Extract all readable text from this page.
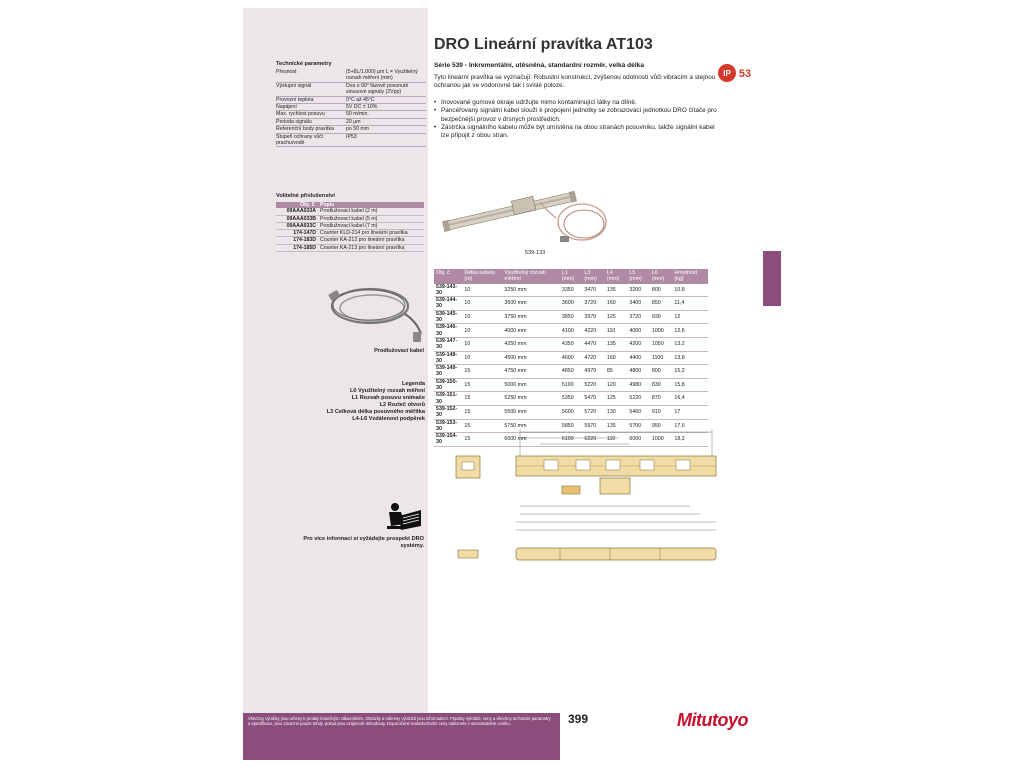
Technické parametry
Přesnost	(5+8L/1.000) µm L = Využitelný rozsah měření (mm)
Výstupní signál	Dva o 90° fázově posunuté sinusové signály (2Vpp)
Provozní teplota	0°C až 45°C
Napájení	5V DC ± 10%
Max. rychlost posuvu	50 m/min.
Perioda signálu	20 µm
Referenční body pravítka	po 50 mm
Stupeň ochrany vůči prachu/vodě	IP53
Volitelné příslušenství
Obj. č.	Popis
09AAA033A	Prodlužovací kabel (2 m)
09AAA033B	Prodlužovací kabel (5 m)
09AAA033C	Prodlužovací kabel (7 m)
174-147D	Counter KLD-214 pro lineární pravítka
174-183D	Counter KA-212 pro lineární pravítka
174-185D	Counter KA-213 pro lineární pravítka
Prodlužovací kabel
Legenda
L0 Využitelný rozsah měření
L1 Rozsah posuvu snímače
L2 Rozteč otvorů
L3 Celková délka posuvného měřítka
L4-L6 Vzdálenost podpěrek
Pro více informací si vyžádejte prospekt DRO systémy.
DRO Lineární pravítka AT103
Série 539 - Inkrementální, utěsněná, standardní rozměr, velká délka
IP 53
Tyto lineární pravítka se vyznačují: Robustní konstrukcí, zvýšenou odolností vůči vibracím a stejnou ochranou jak ve vodorovné tak i svislé poloze.
• Inovované gumové okraje udržujte mimo kontaminující látky na dílně.
• Pancéřovaný signální kabel slouží k propojení jednotky se zobrazovací jednotkou DRO čítače pro bezpečnější provoz v drsných prostředích.
• Zástrčka signálního kabelu může být umístěna na obou stranách posuvníku, takže signální kabel lze připojit z obou stran.
539-133
Obj. č.	Délka kabelu (m)	Využitelný rozsah měření	L1 (mm)	L3 (mm)	L4 (mm)	L5 (mm)	L6 (mm)	Hmotnost (kg)
539-143-30	10	3250 mm	3350	3470	135	3200	800	10,8
539-144-30	10	3500 mm	3600	3720	160	3400	850	11,4
539-145-30	10	3750 mm	3850	3970	125	3720	930	12
539-146-30	10	4000 mm	4100	4220	110	4000	1000	12,6
539-147-30	10	4250 mm	4350	4470	135	4200	1050	13,2
539-148-30	10	4500 mm	4600	4720	160	4400	1100	13,8
539-149-30	15	4750 mm	4850	4970	85	4800	800	15,2
539-150-30	15	5000 mm	5100	5220	120	4980	830	15,8
539-151-30	15	5250 mm	5350	5470	125	5220	870	16,4
539-152-30	15	5500 mm	5600	5720	130	5460	910	17
539-153-30	15	5750 mm	5850	5970	135	5700	950	17,6
539-154-30	15	6000 mm	6100	6220	110	6000	1000	18,2
Všechny výrobky jsou určeny k prodeji konečným zákazníkům. Obrázky a nákresy výrobků jsou informativní. Popisky výrobků, ceny a všechny technické parametry a specifikace, jsou závazné pouze tehdy, pokud jsou vzájemně dohodnuty. Doporučené maloobchodní ceny naleznete v samostatném ceníku.	399	Mitutoyo
